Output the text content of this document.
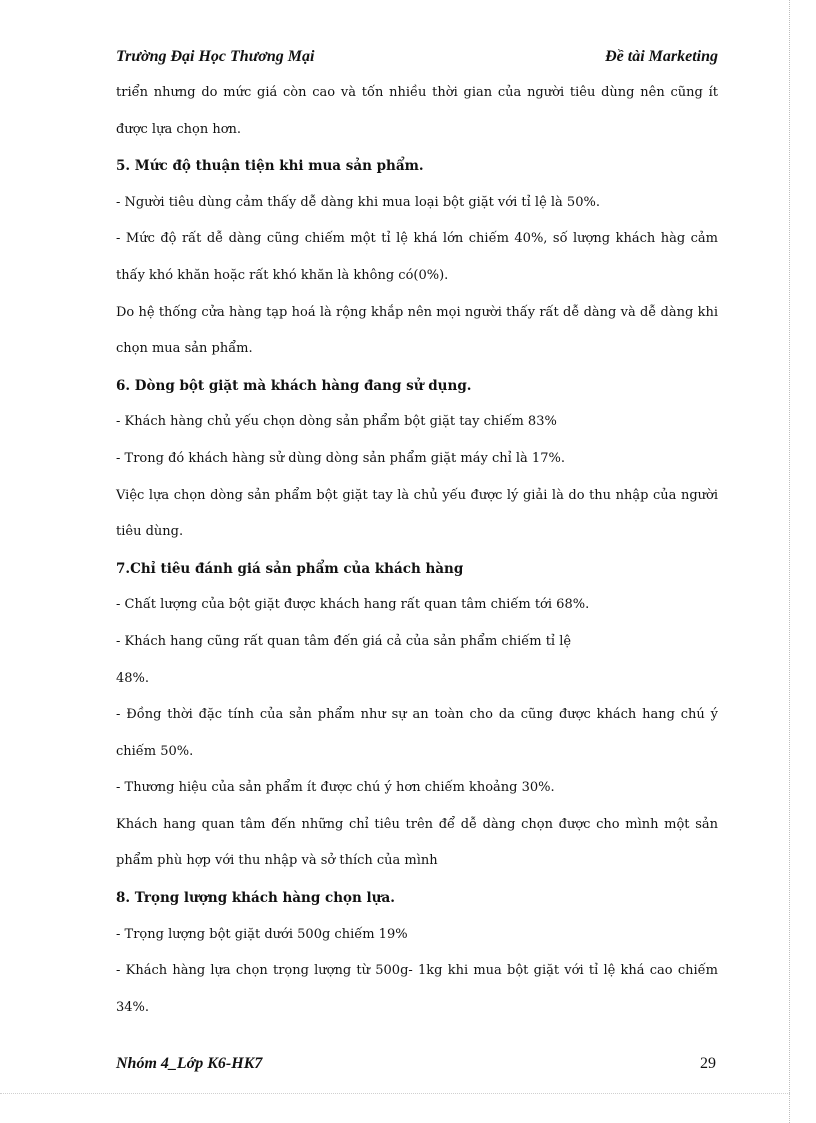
Trường Đại Học Thương Mại	Đề tài Marketing
triển nhưng do mức giá còn cao và tốn nhiều thời gian của người tiêu dùng nên cũng ít
được lựa chọn hơn.
5. Mức độ thuận tiện khi mua sản phẩm.
- Người tiêu dùng cảm thấy dễ dàng khi mua loại bột giặt với tỉ lệ là 50%.
- Mức độ rất dễ dàng cũng chiếm một tỉ lệ khá lớn chiếm 40%, số lượng khách hàg cảm
thấy khó khăn hoặc rất khó khăn là không có(0%).
Do hệ thống cửa hàng tạp hoá là rộng khắp nên mọi người thấy rất dễ dàng và dễ dàng khi
chọn mua sản phẩm.
6. Dòng bột giặt mà khách hàng đang sử dụng.
- Khách hàng chủ yếu chọn dòng sản phẩm bột giặt tay chiếm 83%
- Trong đó khách hàng sử dùng dòng sản phẩm giặt máy chỉ là 17%.
Việc lựa chọn dòng sản phẩm bột giặt tay là chủ yếu được lý giải là do thu nhập của người
tiêu dùng.
7.Chỉ tiêu đánh giá sản phẩm của khách hàng
- Chất lượng của bột giặt được khách hang rất quan tâm chiếm tới 68%.
- Khách hang cũng rất quan tâm đến giá cả của sản phẩm chiếm tỉ lệ
48%.
- Đồng thời đặc tính của sản phẩm như sự an toàn cho da cũng được khách hang chú ý
chiếm 50%.
- Thương hiệu của sản phẩm ít được chú ý hơn chiếm khoảng 30%.
Khách hang quan tâm đến những chỉ tiêu trên để dễ dàng chọn được cho mình một sản
phẩm phù hợp với thu nhập và sở thích của mình
8. Trọng lượng khách hàng chọn lựa.
- Trọng lượng bột giặt dưới 500g chiếm 19%
- Khách hàng lựa chọn trọng lượng từ 500g- 1kg khi mua bột giặt với tỉ lệ khá cao chiếm
34%.
Nhóm 4_Lớp K6-HK7	29
